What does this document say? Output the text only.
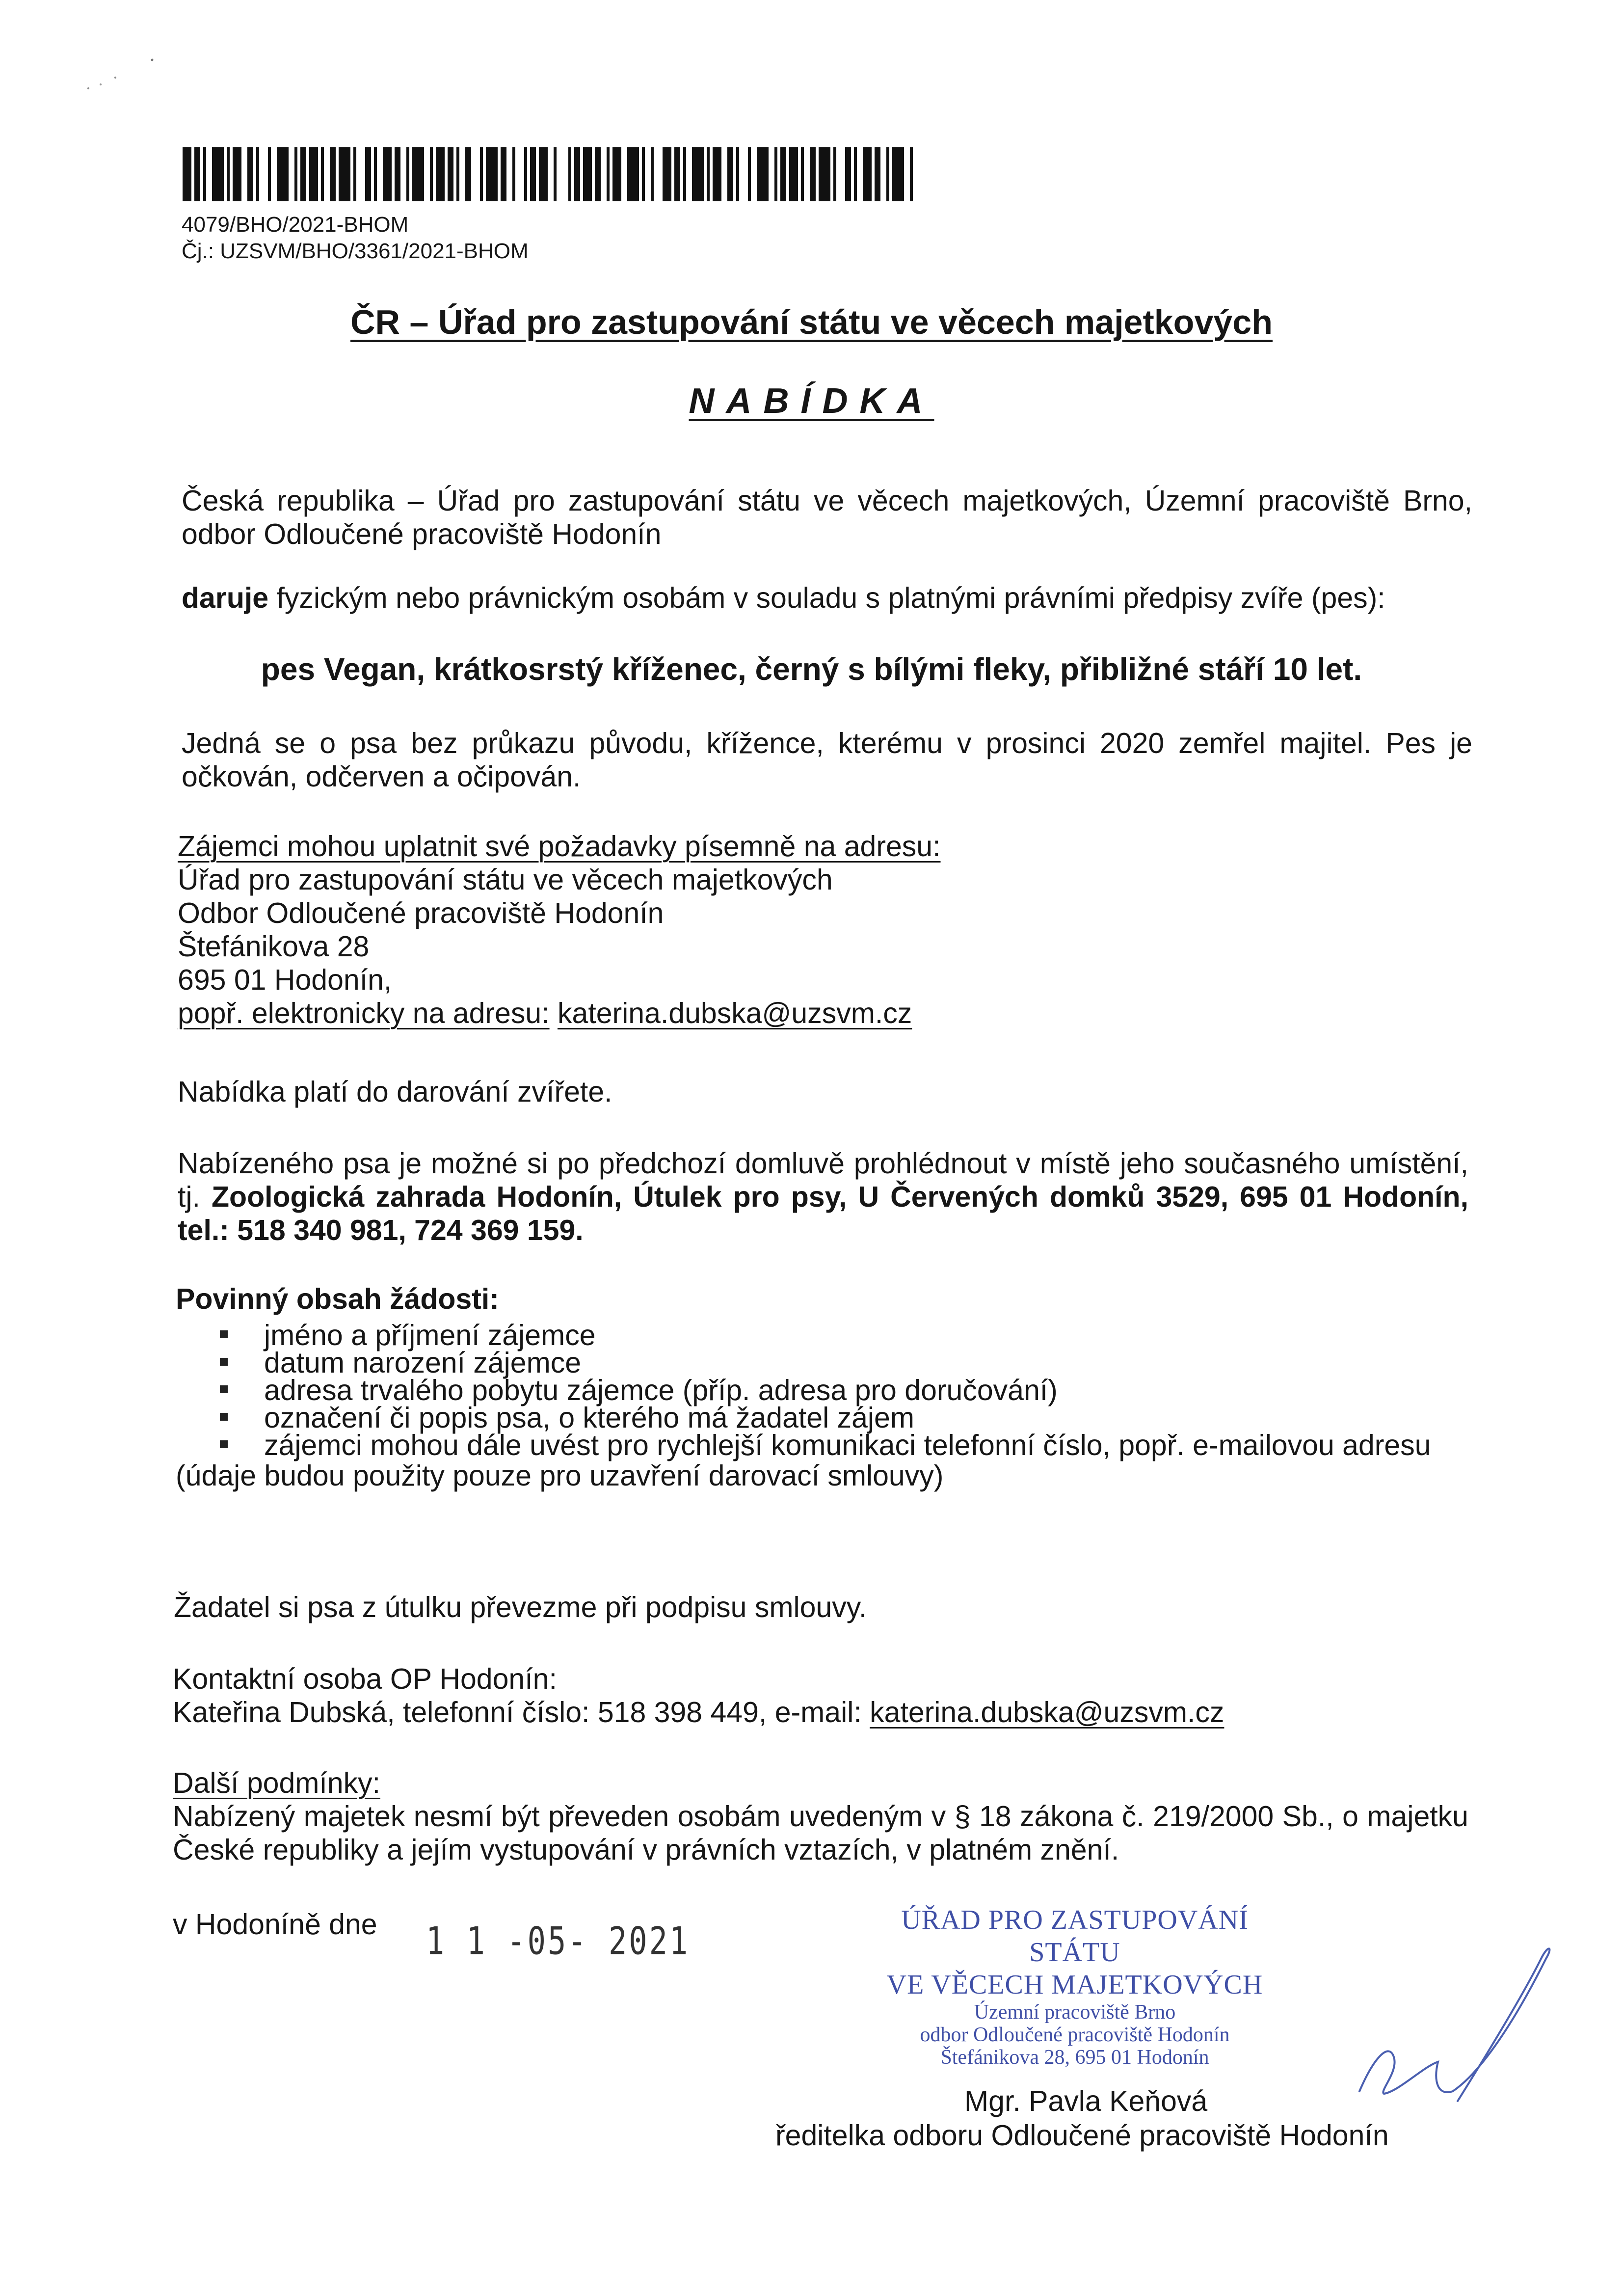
4079/BHO/2021-BHOM
Čj.: UZSVM/BHO/3361/2021-BHOM
ČR – Úřad pro zastupování státu ve věcech majetkových
NABÍDKA
Česká republika – Úřad pro zastupování státu ve věcech majetkových, Územní pracoviště Brno, odbor Odloučené pracoviště Hodonín
daruje fyzickým nebo právnickým osobám v souladu s platnými právními předpisy zvíře (pes):
pes Vegan, krátkosrstý kříženec, černý s bílými fleky, přibližné stáří 10 let.
Jedná se o psa bez průkazu původu, křížence, kterému v prosinci 2020 zemřel majitel. Pes je očkován, odčerven a očipován.
Zájemci mohou uplatnit své požadavky písemně na adresu:
Úřad pro zastupování státu ve věcech majetkových
Odbor Odloučené pracoviště Hodonín
Štefánikova 28
695 01 Hodonín,
popř. elektronicky na adresu: katerina.dubska@uzsvm.cz
Nabídka platí do darování zvířete.
Nabízeného psa je možné si po předchozí domluvě prohlédnout v místě jeho současného umístění, tj. Zoologická zahrada Hodonín, Útulek pro psy, U Červených domků 3529, 695 01 Hodonín, tel.: 518 340 981, 724 369 159.
Povinný obsah žádosti:
jméno a příjmení zájemce
datum narození zájemce
adresa trvalého pobytu zájemce (příp. adresa pro doručování)
označení či popis psa, o kterého má žadatel zájem
zájemci mohou dále uvést pro rychlejší komunikaci telefonní číslo, popř. e-mailovou adresu
(údaje budou použity pouze pro uzavření darovací smlouvy)
Žadatel si psa z útulku převezme při podpisu smlouvy.
Kontaktní osoba OP Hodonín:
Kateřina Dubská, telefonní číslo: 518 398 449, e-mail: katerina.dubska@uzsvm.cz
Další podmínky:
Nabízený majetek nesmí být převeden osobám uvedeným v § 18 zákona č. 219/2000 Sb., o majetku České republiky a jejím vystupování v právních vztazích, v platném znění.
v Hodoníně dne 1 1 -05- 2021	ÚŘAD PRO ZASTUPOVÁNÍ STÁTU
VE VĚCECH MAJETKOVÝCH
Územní pracoviště Brno
odbor Odloučené pracoviště Hodonín
Štefánikova 28, 695 01 Hodonín
Mgr. Pavla Keňová
ředitelka odboru Odloučené pracoviště Hodonín
